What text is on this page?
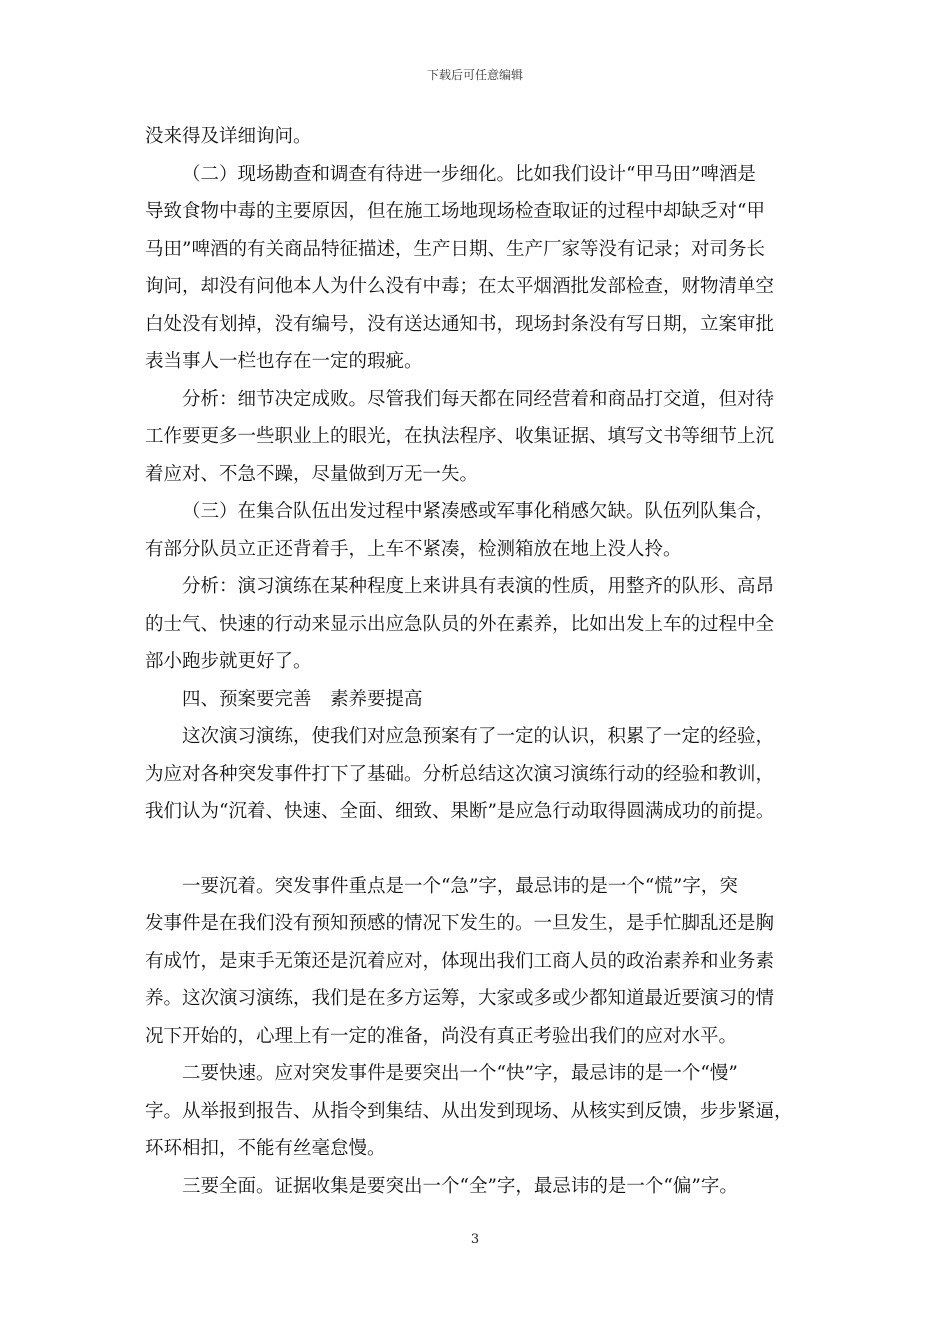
下载后可任意编辑

没来得及详细询问。

（二）现场勘查和调查有待进一步细化。比如我们设计“甲马田”啤酒是

导致食物中毒的主要原因，但在施工场地现场检查取证的过程中却缺乏对“甲

马田”啤酒的有关商品特征描述，生产日期、生产厂家等没有记录；对司务长

询问，却没有问他本人为什么没有中毒；在太平烟酒批发部检查，财物清单空

白处没有划掉，没有编号，没有送达通知书，现场封条没有写日期，立案审批

表当事人一栏也存在一定的瑕疵。

分析：细节决定成败。尽管我们每天都在同经营着和商品打交道，但对待

工作要更多一些职业上的眼光，在执法程序、收集证据、填写文书等细节上沉

着应对、不急不躁，尽量做到万无一失。

（三）在集合队伍出发过程中紧凑感或军事化稍感欠缺。队伍列队集合，

有部分队员立正还背着手，上车不紧凑，检测箱放在地上没人拎。

分析：演习演练在某种程度上来讲具有表演的性质，用整齐的队形、高昂

的士气、快速的行动来显示出应急队员的外在素养，比如出发上车的过程中全

部小跑步就更好了。

四、预案要完善　素养要提高

这次演习演练，使我们对应急预案有了一定的认识，积累了一定的经验，

为应对各种突发事件打下了基础。分析总结这次演习演练行动的经验和教训，

我们认为“沉着、快速、全面、细致、果断”是应急行动取得圆满成功的前提。

一要沉着。突发事件重点是一个“急”字，最忌讳的是一个“慌”字，突

发事件是在我们没有预知预感的情况下发生的。一旦发生，是手忙脚乱还是胸

有成竹，是束手无策还是沉着应对，体现出我们工商人员的政治素养和业务素

养。这次演习演练，我们是在多方运筹，大家或多或少都知道最近要演习的情

况下开始的，心理上有一定的准备，尚没有真正考验出我们的应对水平。

二要快速。应对突发事件是要突出一个“快”字，最忌讳的是一个“慢”

字。从举报到报告、从指令到集结、从出发到现场、从核实到反馈，步步紧逼，

环环相扣，不能有丝毫怠慢。

三要全面。证据收集是要突出一个“全”字，最忌讳的是一个“偏”字。

3
